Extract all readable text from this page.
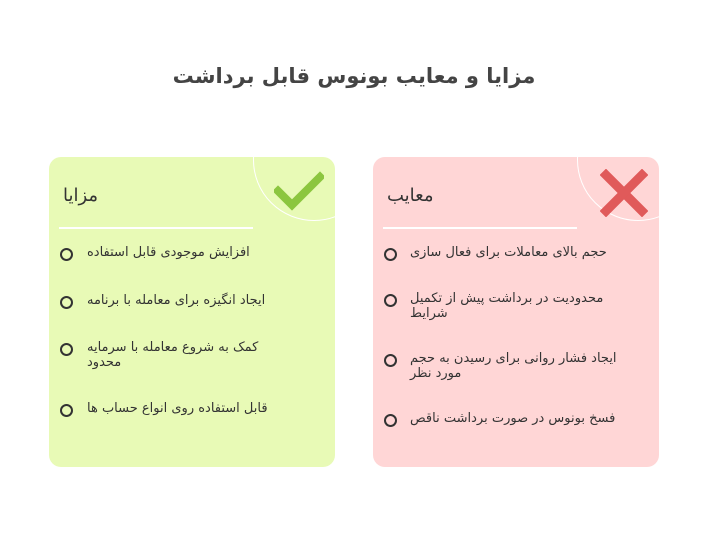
مزایا و معایب بونوس قابل برداشت
مزایا
افزایش موجودی قابل استفاده
ایجاد انگیزه برای معامله با برنامه
کمک به شروع معامله با سرمایه محدود
قابل استفاده روی انواع حساب ها
معایب
حجم بالای معاملات برای فعال سازی
محدودیت در برداشت پیش از تکمیل شرایط
ایجاد فشار روانی برای رسیدن به حجم مورد نظر
فسخ بونوس در صورت برداشت ناقص
